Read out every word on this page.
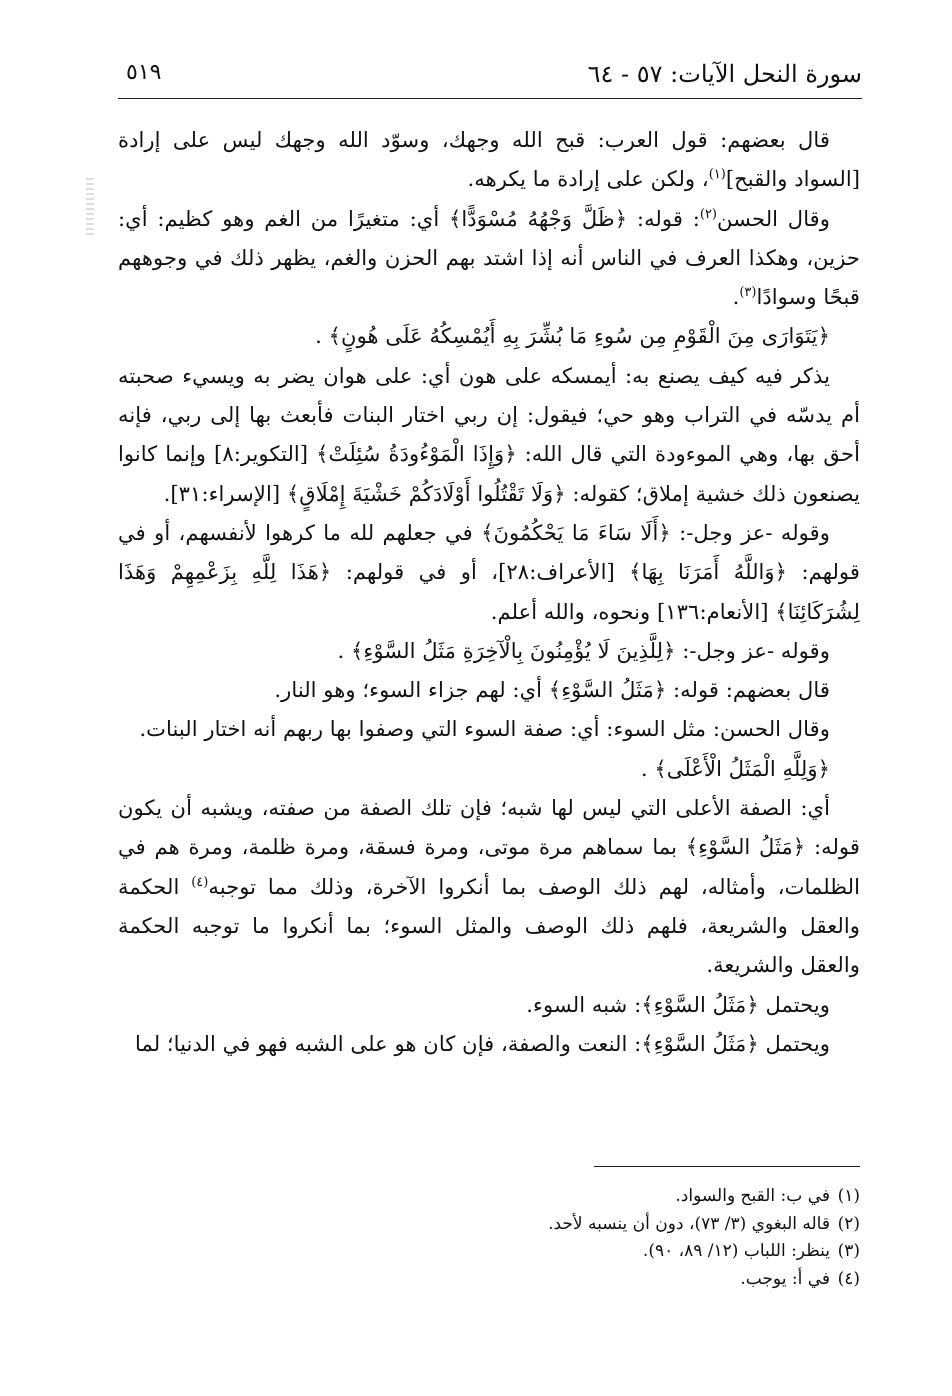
٥١٩	سورة النحل الآيات: ٥٧ - ٦٤

قال بعضهم: قول العرب: قبح الله وجهك، وسوّد الله وجهك ليس على إرادة [السواد والقبح]$^{(١)}$، ولكن على إرادة ما يكرهه.

وقال الحسن$^{(٢)}$: قوله: ﴿ظَلَّ وَجْهُهُ مُسْوَدًّا﴾ أي: متغيرًا من الغم وهو كظيم: أي: حزين، وهكذا العرف في الناس أنه إذا اشتد بهم الحزن والغم، يظهر ذلك في وجوههم قبحًا وسوادًا$^{(٣)}$.

﴿يَتَوَارَى مِنَ الْقَوْمِ مِن سُوءِ مَا بُشِّرَ بِهِ أَيُمْسِكُهُ عَلَى هُونٍ﴾ .

يذكر فيه كيف يصنع به: أيمسكه على هون أي: على هوان يضر به ويسيء صحبته أم يدسّه في التراب وهو حي؛ فيقول: إن ربي اختار البنات فأبعث بها إلى ربي، فإنه أحق بها، وهي الموءودة التي قال الله: ﴿وَإِذَا الْمَوْءُودَةُ سُئِلَتْ﴾ [التكوير:٨] وإنما كانوا يصنعون ذلك خشية إملاق؛ كقوله: ﴿وَلَا تَقْتُلُوا أَوْلَادَكُمْ خَشْيَةَ إِمْلَاقٍ﴾ [الإسراء:٣١].

وقوله -عز وجل-: ﴿أَلَا سَاءَ مَا يَحْكُمُونَ﴾ في جعلهم لله ما كرهوا لأنفسهم، أو في قولهم: ﴿وَاللَّهُ أَمَرَنَا بِهَا﴾ [الأعراف:٢٨]، أو في قولهم: ﴿هَذَا لِلَّهِ بِزَعْمِهِمْ وَهَذَا لِشُرَكَائِنَا﴾ [الأنعام:١٣٦] ونحوه، والله أعلم.

وقوله -عز وجل-: ﴿لِلَّذِينَ لَا يُؤْمِنُونَ بِالْآخِرَةِ مَثَلُ السَّوْءِ﴾ .

قال بعضهم: قوله: ﴿مَثَلُ السَّوْءِ﴾ أي: لهم جزاء السوء؛ وهو النار.

وقال الحسن: مثل السوء: أي: صفة السوء التي وصفوا بها ربهم أنه اختار البنات.

﴿وَلِلَّهِ الْمَثَلُ الْأَعْلَى﴾ .

أي: الصفة الأعلى التي ليس لها شبه؛ فإن تلك الصفة من صفته، ويشبه أن يكون قوله: ﴿مَثَلُ السَّوْءِ﴾ بما سماهم مرة موتى، ومرة فسقة، ومرة ظلمة، ومرة هم في الظلمات، وأمثاله، لهم ذلك الوصف بما أنكروا الآخرة، وذلك مما توجبه$^{(٤)}$ الحكمة والعقل والشريعة، فلهم ذلك الوصف والمثل السوء؛ بما أنكروا ما توجبه الحكمة والعقل والشريعة.

ويحتمل ﴿مَثَلُ السَّوْءِ﴾: شبه السوء.

ويحتمل ﴿مَثَلُ السَّوْءِ﴾: النعت والصفة، فإن كان هو على الشبه فهو في الدنيا؛ لما

(١)في ب: القبح والسواد.
(٢)قاله البغوي (٣/ ٧٣)، دون أن ينسبه لأحد.
(٣)ينظر: اللباب (١٢/ ٨٩، ٩٠).
(٤)في أ: يوجب.
